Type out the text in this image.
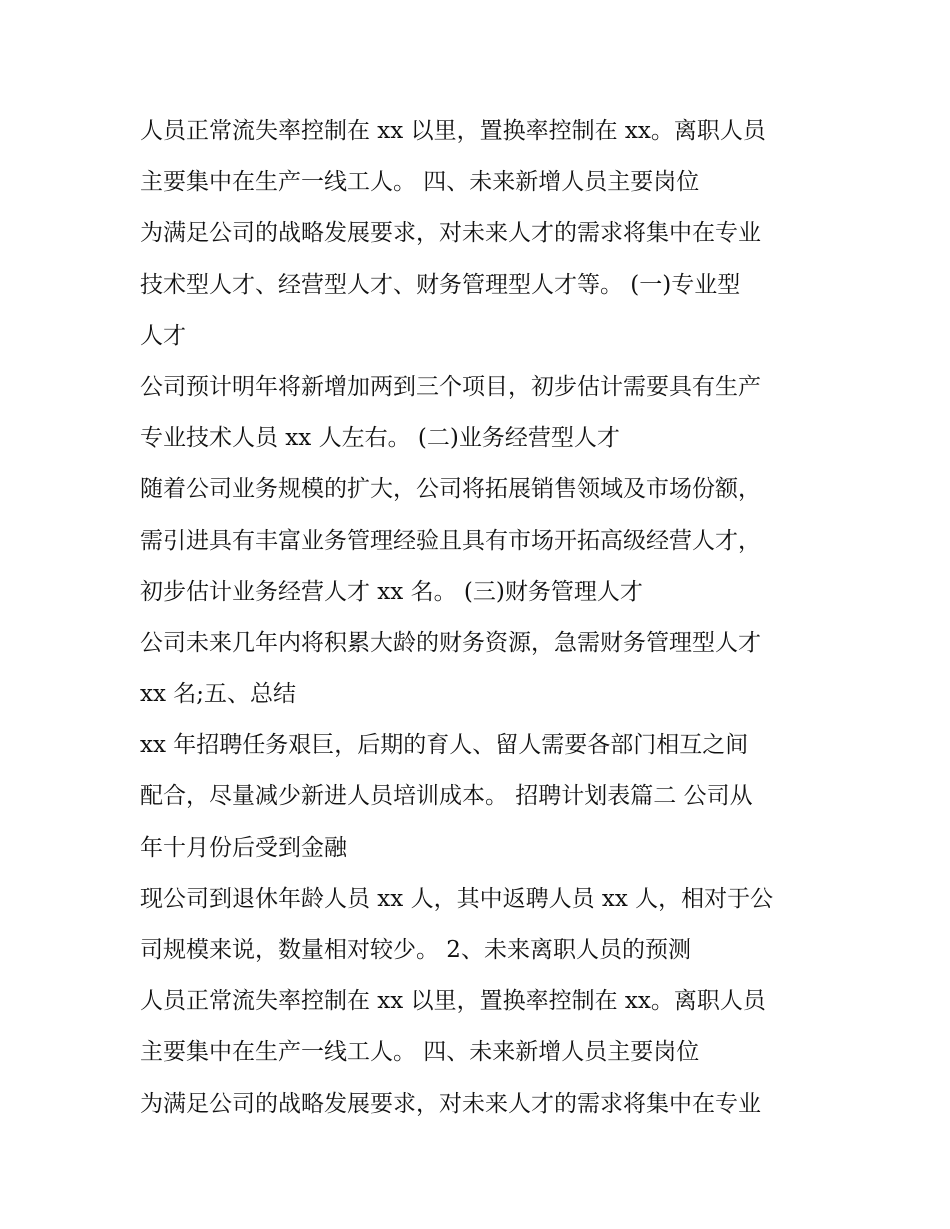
人员正常流失率控制在 xx 以里，置换率控制在 xx。离职人员
主要集中在生产一线工人。 四、未来新增人员主要岗位
为满足公司的战略发展要求，对未来人才的需求将集中在专业
技术型人才、经营型人才、财务管理型人才等。 (一)专业型
人才
公司预计明年将新增加两到三个项目，初步估计需要具有生产
专业技术人员 xx 人左右。 (二)业务经营型人才
随着公司业务规模的扩大，公司将拓展销售领域及市场份额，
需引进具有丰富业务管理经验且具有市场开拓高级经营人才，
初步估计业务经营人才 xx 名。 (三)财务管理人才
公司未来几年内将积累大龄的财务资源，急需财务管理型人才
xx 名;五、总结
xx 年招聘任务艰巨，后期的育人、留人需要各部门相互之间
配合，尽量减少新进人员培训成本。 招聘计划表篇二 公司从
年十月份后受到金融
现公司到退休年龄人员 xx 人，其中返聘人员 xx 人，相对于公
司规模来说，数量相对较少。 2、未来离职人员的预测
人员正常流失率控制在 xx 以里，置换率控制在 xx。离职人员
主要集中在生产一线工人。 四、未来新增人员主要岗位
为满足公司的战略发展要求，对未来人才的需求将集中在专业
